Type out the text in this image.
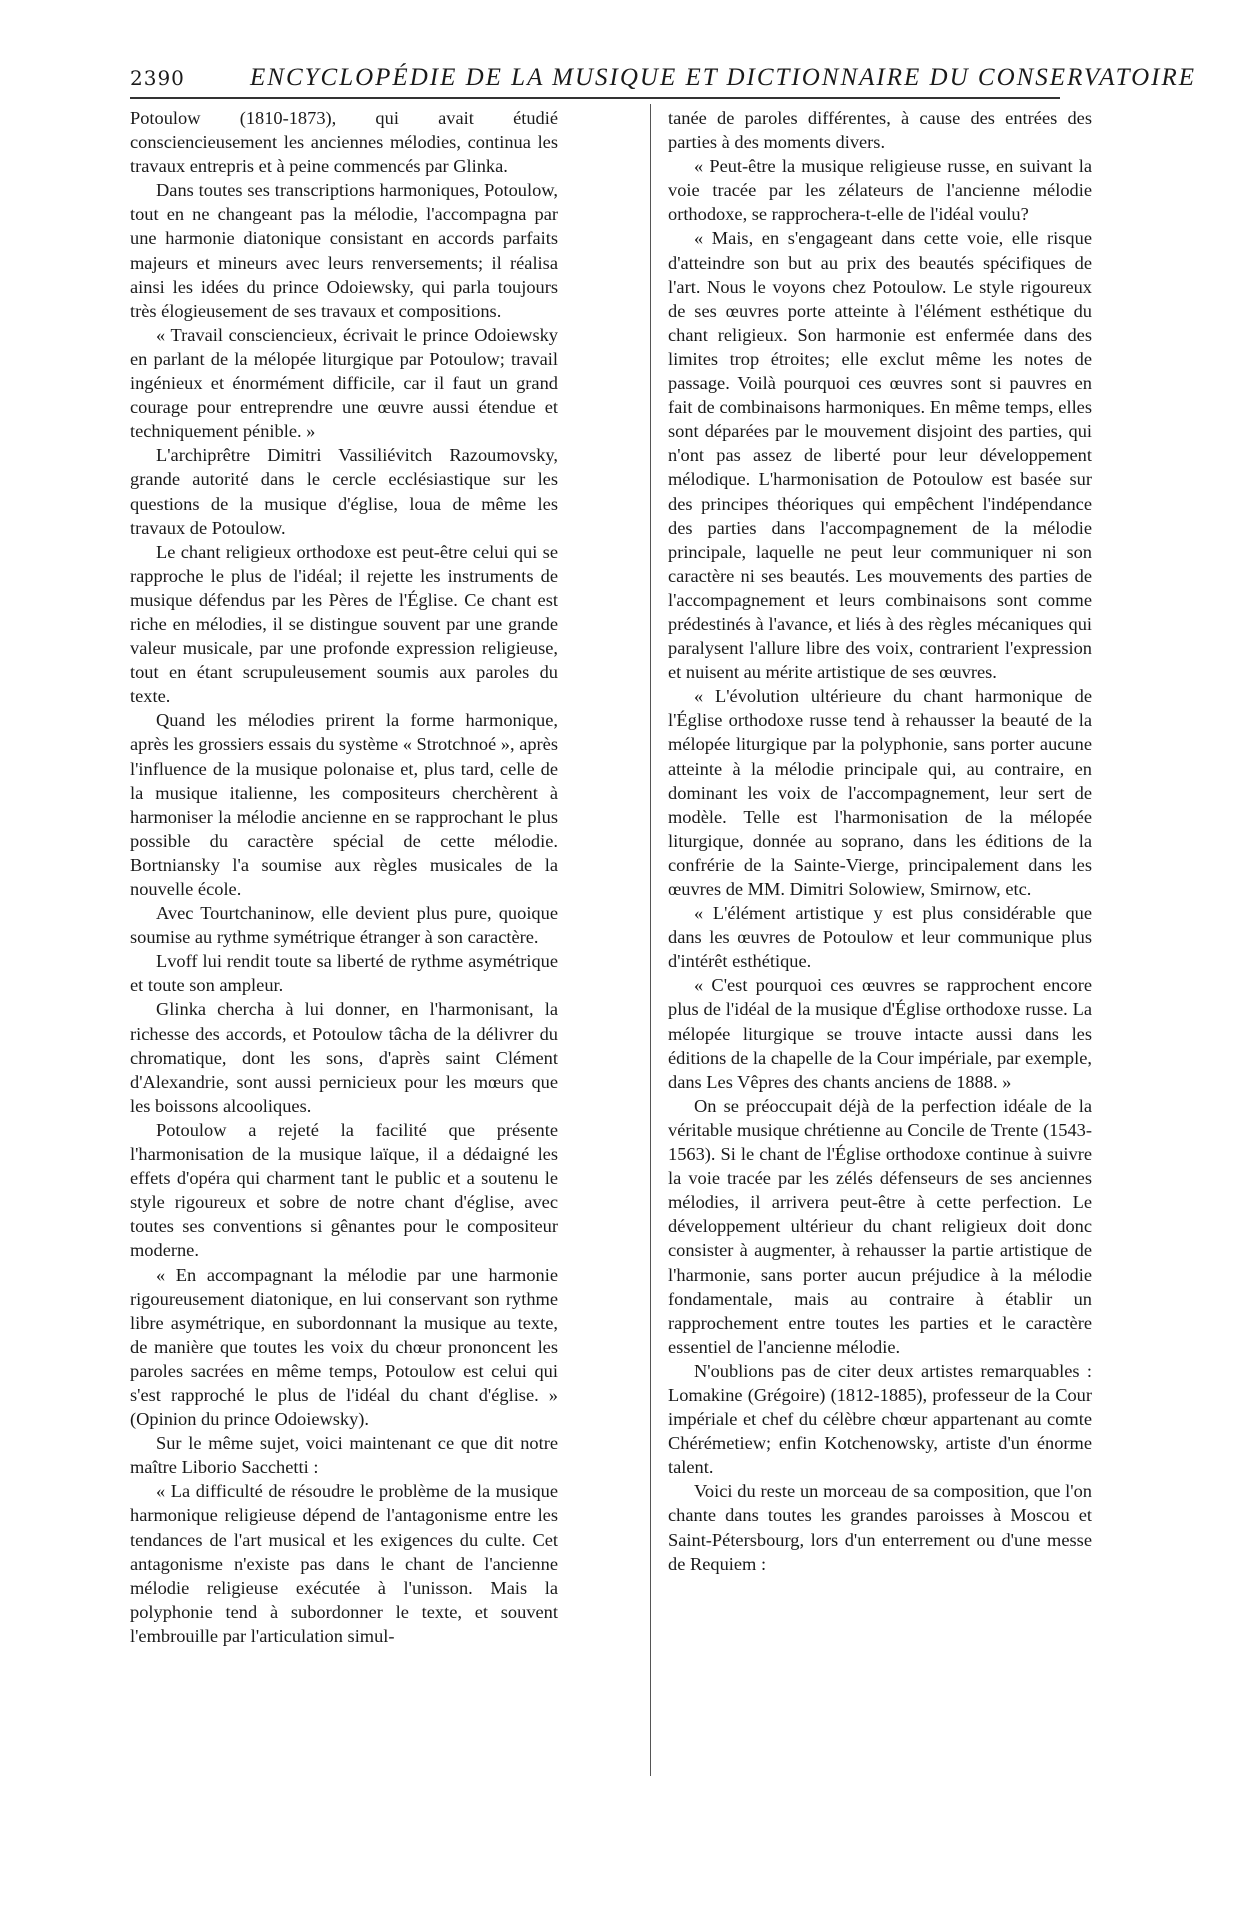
2390	ENCYCLOPÉDIE DE LA MUSIQUE ET DICTIONNAIRE DU CONSERVATOIRE

Potoulow (1810-1873), qui avait étudié consciencieusement les anciennes mélodies, continua les travaux entrepris et à peine commencés par Glinka.

Dans toutes ses transcriptions harmoniques, Potoulow, tout en ne changeant pas la mélodie, l'accompagna par une harmonie diatonique consistant en accords parfaits majeurs et mineurs avec leurs renversements; il réalisa ainsi les idées du prince Odoiewsky, qui parla toujours très élogieusement de ses travaux et compositions.

« Travail consciencieux, écrivait le prince Odoiewsky en parlant de la mélopée liturgique par Potoulow; travail ingénieux et énormément difficile, car il faut un grand courage pour entreprendre une œuvre aussi étendue et techniquement pénible. »

L'archiprêtre Dimitri Vassiliévitch Razoumovsky, grande autorité dans le cercle ecclésiastique sur les questions de la musique d'église, loua de même les travaux de Potoulow.

Le chant religieux orthodoxe est peut-être celui qui se rapproche le plus de l'idéal; il rejette les instruments de musique défendus par les Pères de l'Église. Ce chant est riche en mélodies, il se distingue souvent par une grande valeur musicale, par une profonde expression religieuse, tout en étant scrupuleusement soumis aux paroles du texte.

Quand les mélodies prirent la forme harmonique, après les grossiers essais du système « Strotchnoé », après l'influence de la musique polonaise et, plus tard, celle de la musique italienne, les compositeurs cherchèrent à harmoniser la mélodie ancienne en se rapprochant le plus possible du caractère spécial de cette mélodie. Bortniansky l'a soumise aux règles musicales de la nouvelle école.

Avec Tourtchaninow, elle devient plus pure, quoique soumise au rythme symétrique étranger à son caractère.

Lvoff lui rendit toute sa liberté de rythme asymétrique et toute son ampleur.

Glinka chercha à lui donner, en l'harmonisant, la richesse des accords, et Potoulow tâcha de la délivrer du chromatique, dont les sons, d'après saint Clément d'Alexandrie, sont aussi pernicieux pour les mœurs que les boissons alcooliques.

Potoulow a rejeté la facilité que présente l'harmonisation de la musique laïque, il a dédaigné les effets d'opéra qui charment tant le public et a soutenu le style rigoureux et sobre de notre chant d'église, avec toutes ses conventions si gênantes pour le compositeur moderne.

« En accompagnant la mélodie par une harmonie rigoureusement diatonique, en lui conservant son rythme libre asymétrique, en subordonnant la musique au texte, de manière que toutes les voix du chœur prononcent les paroles sacrées en même temps, Potoulow est celui qui s'est rapproché le plus de l'idéal du chant d'église. » (Opinion du prince Odoiewsky).

Sur le même sujet, voici maintenant ce que dit notre maître Liborio Sacchetti :

« La difficulté de résoudre le problème de la musique harmonique religieuse dépend de l'antagonisme entre les tendances de l'art musical et les exigences du culte. Cet antagonisme n'existe pas dans le chant de l'ancienne mélodie religieuse exécutée à l'unisson. Mais la polyphonie tend à subordonner le texte, et souvent l'embrouille par l'articulation simul-

tanée de paroles différentes, à cause des entrées des parties à des moments divers.

« Peut-être la musique religieuse russe, en suivant la voie tracée par les zélateurs de l'ancienne mélodie orthodoxe, se rapprochera-t-elle de l'idéal voulu?

« Mais, en s'engageant dans cette voie, elle risque d'atteindre son but au prix des beautés spécifiques de l'art. Nous le voyons chez Potoulow. Le style rigoureux de ses œuvres porte atteinte à l'élément esthétique du chant religieux. Son harmonie est enfermée dans des limites trop étroites; elle exclut même les notes de passage. Voilà pourquoi ces œuvres sont si pauvres en fait de combinaisons harmoniques. En même temps, elles sont déparées par le mouvement disjoint des parties, qui n'ont pas assez de liberté pour leur développement mélodique. L'harmonisation de Potoulow est basée sur des principes théoriques qui empêchent l'indépendance des parties dans l'accompagnement de la mélodie principale, laquelle ne peut leur communiquer ni son caractère ni ses beautés. Les mouvements des parties de l'accompagnement et leurs combinaisons sont comme prédestinés à l'avance, et liés à des règles mécaniques qui paralysent l'allure libre des voix, contrarient l'expression et nuisent au mérite artistique de ses œuvres.

« L'évolution ultérieure du chant harmonique de l'Église orthodoxe russe tend à rehausser la beauté de la mélopée liturgique par la polyphonie, sans porter aucune atteinte à la mélodie principale qui, au contraire, en dominant les voix de l'accompagnement, leur sert de modèle. Telle est l'harmonisation de la mélopée liturgique, donnée au soprano, dans les éditions de la confrérie de la Sainte-Vierge, principalement dans les œuvres de MM. Dimitri Solowiew, Smirnow, etc.

« L'élément artistique y est plus considérable que dans les œuvres de Potoulow et leur communique plus d'intérêt esthétique.

« C'est pourquoi ces œuvres se rapprochent encore plus de l'idéal de la musique d'Église orthodoxe russe. La mélopée liturgique se trouve intacte aussi dans les éditions de la chapelle de la Cour impériale, par exemple, dans Les Vêpres des chants anciens de 1888. »

On se préoccupait déjà de la perfection idéale de la véritable musique chrétienne au Concile de Trente (1543-1563). Si le chant de l'Église orthodoxe continue à suivre la voie tracée par les zélés défenseurs de ses anciennes mélodies, il arrivera peut-être à cette perfection. Le développement ultérieur du chant religieux doit donc consister à augmenter, à rehausser la partie artistique de l'harmonie, sans porter aucun préjudice à la mélodie fondamentale, mais au contraire à établir un rapprochement entre toutes les parties et le caractère essentiel de l'ancienne mélodie.

N'oublions pas de citer deux artistes remarquables : Lomakine (Grégoire) (1812-1885), professeur de la Cour impériale et chef du célèbre chœur appartenant au comte Chérémetiew; enfin Kotchenowsky, artiste d'un énorme talent.

Voici du reste un morceau de sa composition, que l'on chante dans toutes les grandes paroisses à Moscou et Saint-Pétersbourg, lors d'un enterrement ou d'une messe de Requiem :
